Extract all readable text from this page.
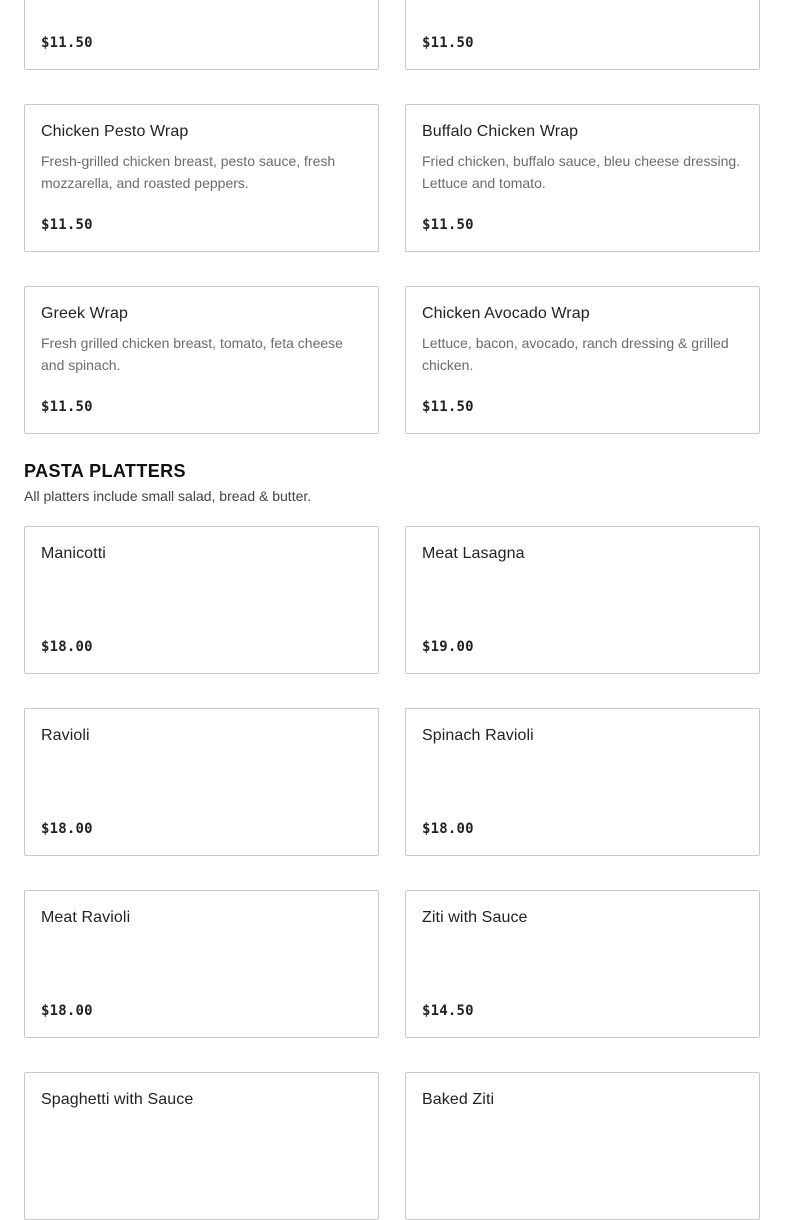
$11.50	$11.50
Chicken Pesto Wrap
Fresh-grilled chicken breast, pesto sauce, fresh mozzarella, and roasted peppers.
$11.50
Buffalo Chicken Wrap
Fried chicken, buffalo sauce, bleu cheese dressing. Lettuce and tomato.
$11.50
Greek Wrap
Fresh grilled chicken breast, tomato, feta cheese and spinach.
$11.50
Chicken Avocado Wrap
Lettuce, bacon, avocado, ranch dressing & grilled chicken.
$11.50
PASTA PLATTERS
All platters include small salad, bread & butter.
Manicotti
$18.00
Meat Lasagna
$19.00
Ravioli
$18.00
Spinach Ravioli
$18.00
Meat Ravioli
$18.00
Ziti with Sauce
$14.50
Spaghetti with Sauce	Baked Ziti
